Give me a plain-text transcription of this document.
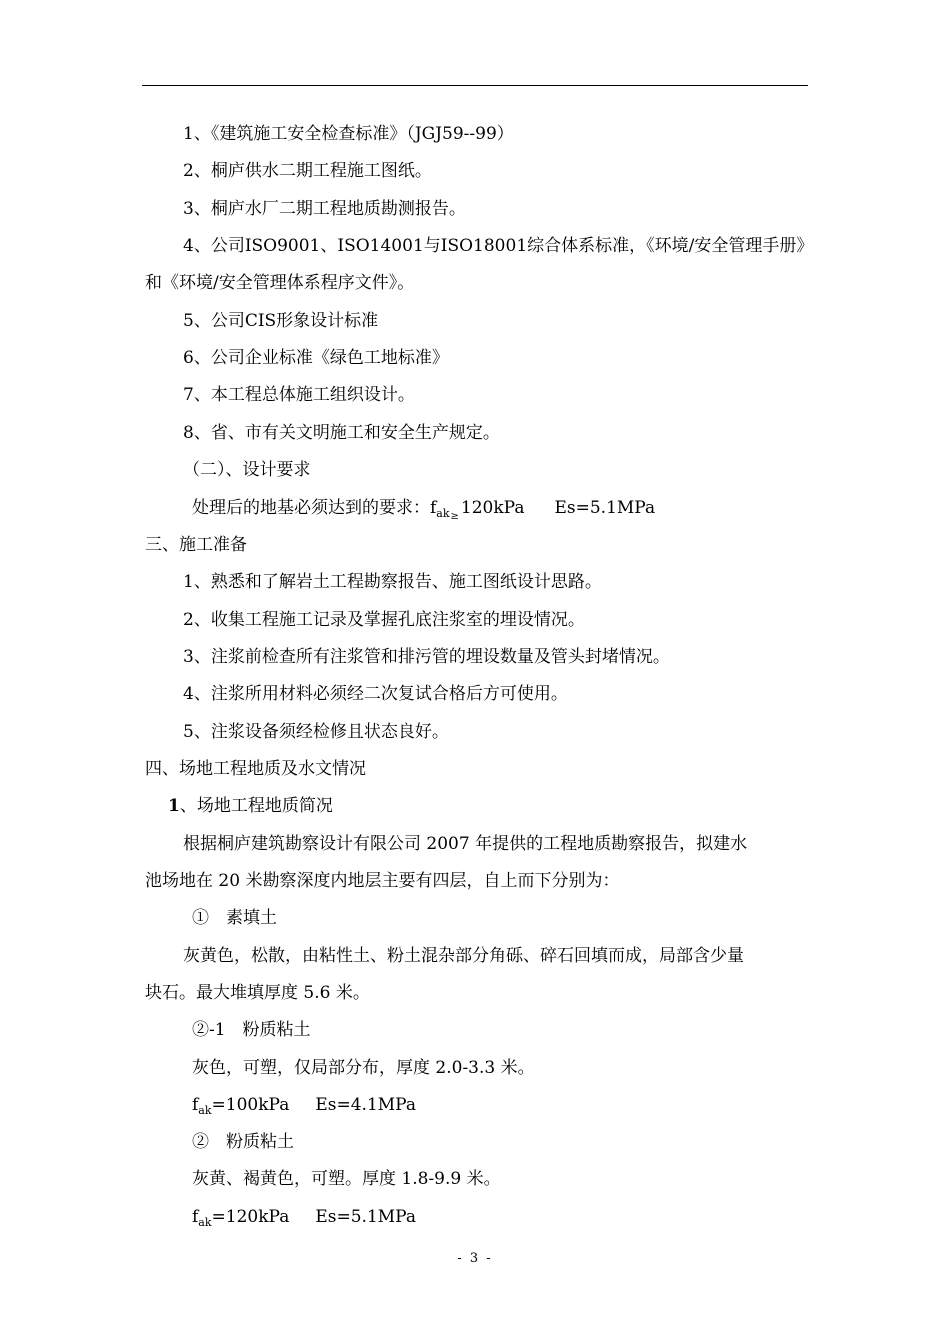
1、《建筑施工安全检查标准》（JGJ59--99）
2、桐庐供水二期工程施工图纸。
3、桐庐水厂二期工程地质勘测报告。
4、公司ISO9001、ISO14001与ISO18001综合体系标准，《环境/安全管理手册》
和《环境/安全管理体系程序文件》。
5、公司CIS形象设计标准
6、公司企业标准《绿色工地标准》
7、本工程总体施工组织设计。
8、省、市有关文明施工和安全生产规定。
（二）、设计要求
处理后的地基必须达到的要求：$f_{ak\ge}$ 120kPa Es=5.1MPa
三、施工准备
1、熟悉和了解岩土工程勘察报告、施工图纸设计思路。
2、收集工程施工记录及掌握孔底注浆室的埋设情况。
3、注浆前检查所有注浆管和排污管的埋设数量及管头封堵情况。
4、注浆所用材料必须经二次复试合格后方可使用。
5、注浆设备须经检修且状态良好。
四、场地工程地质及水文情况
1、场地工程地质简况
根据桐庐建筑勘察设计有限公司 2007 年提供的工程地质勘察报告，拟建水
池场地在 20 米勘察深度内地层主要有四层，自上而下分别为：
①　素填土
灰黄色，松散，由粘性土、粉土混杂部分角砾、碎石回填而成，局部含少量
块石。最大堆填厚度 5.6 米。
②-1　粉质粘土
灰色，可塑，仅局部分布，厚度 2.0-3.3 米。
$f_{ak}=100kPa$ Es=4.1MPa
②　粉质粘土
灰黄、褐黄色，可塑。厚度 1.8-9.9 米。
$f_{ak}=120kPa$ Es=5.1MPa
- 3 -
